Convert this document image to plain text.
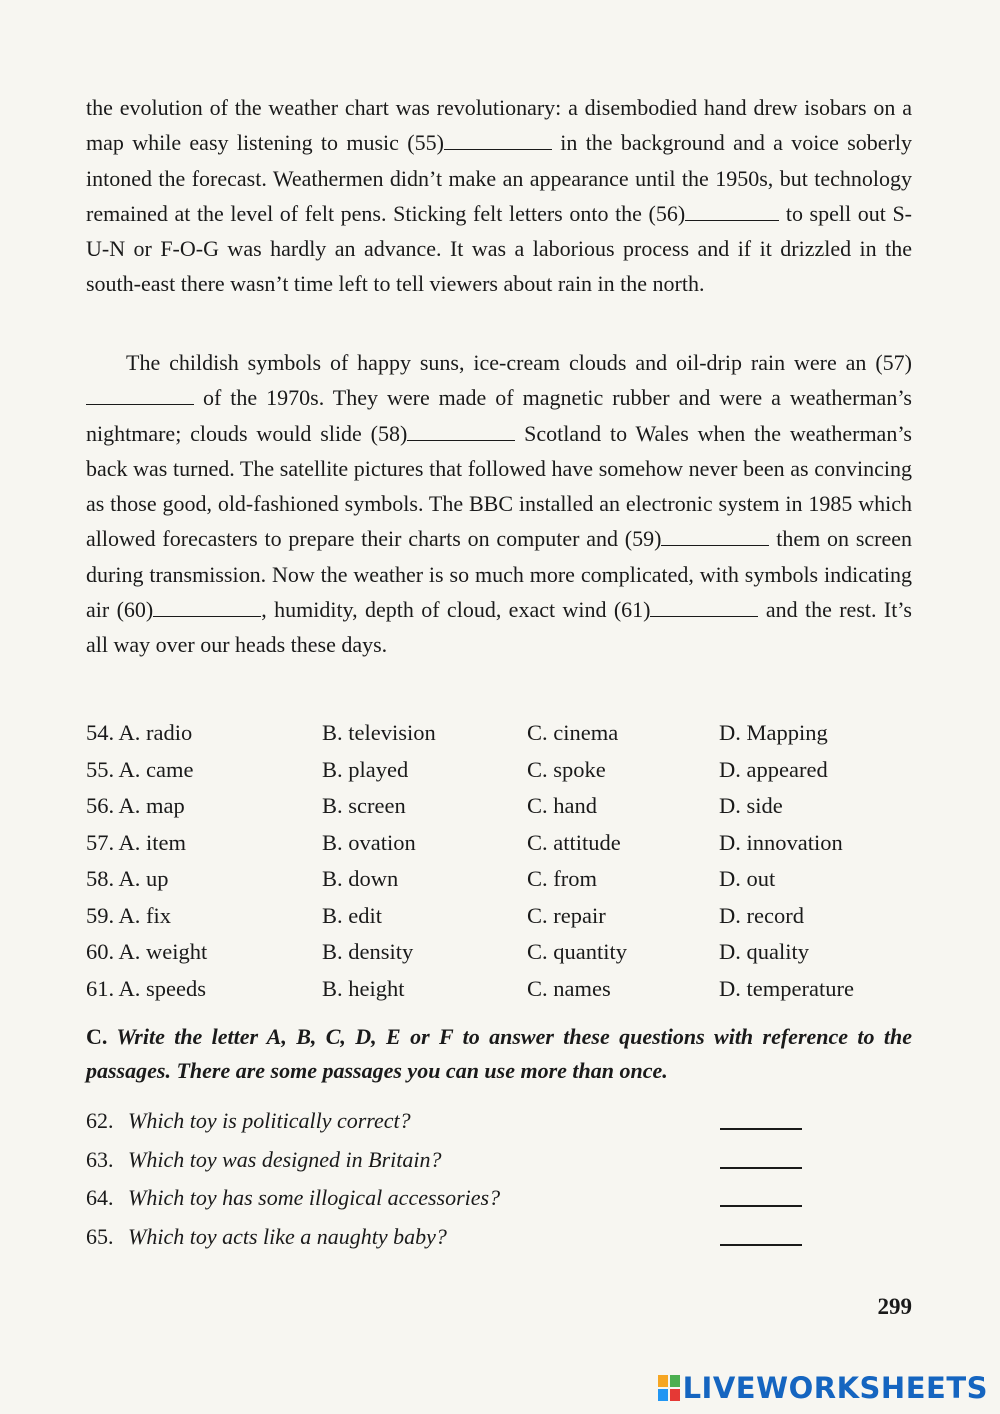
the evolution of the weather chart was revolutionary: a disembodied hand drew isobars on a map while easy listening to music (55)	in the background and a voice soberly intoned the forecast. Weathermen didn’t make an appearance until the 1950s, but technology remained at the level of felt pens. Sticking felt letters onto the (56)	to spell out S-U-N or F-O-G was hardly an advance. It was a laborious process and if it drizzled in the south-east there wasn’t time left to tell viewers about rain in the north.

The childish symbols of happy suns, ice-cream clouds and oil-drip rain were an (57) of the 1970s. They were made of magnetic rubber and were a weatherman’s nightmare; clouds would slide (58)	Scotland to Wales when the weatherman’s back was turned. The satellite pictures that followed have somehow never been as convincing as those good, old-fashioned symbols. The BBC installed an electronic system in 1985 which allowed forecasters to prepare their charts on computer and (59)	them on screen during transmission. Now the weather is so much more complicated, with symbols indicating air (60)	, humidity, depth of cloud, exact wind (61)	and the rest. It’s all way over our heads these days.

54. A. radio	B. television	C. cinema	D. Mapping
55. A. came	B. played	C. spoke	D. appeared
56. A. map	B. screen	C. hand	D. side
57. A. item	B. ovation	C. attitude	D. innovation
58. A. up	B. down	C. from	D. out
59. A. fix	B. edit	C. repair	D. record
60. A. weight	B. density	C. quantity	D. quality
61. A. speeds	B. height	C. names	D. temperature

C. Write the letter A, B, C, D, E or F to answer these questions with reference to the passages. There are some passages you can use more than once.

62. Which toy is politically correct?
63. Which toy was designed in Britain?
64. Which toy has some illogical accessories?
65. Which toy acts like a naughty baby?
299
LIVEWORKSHEETS
